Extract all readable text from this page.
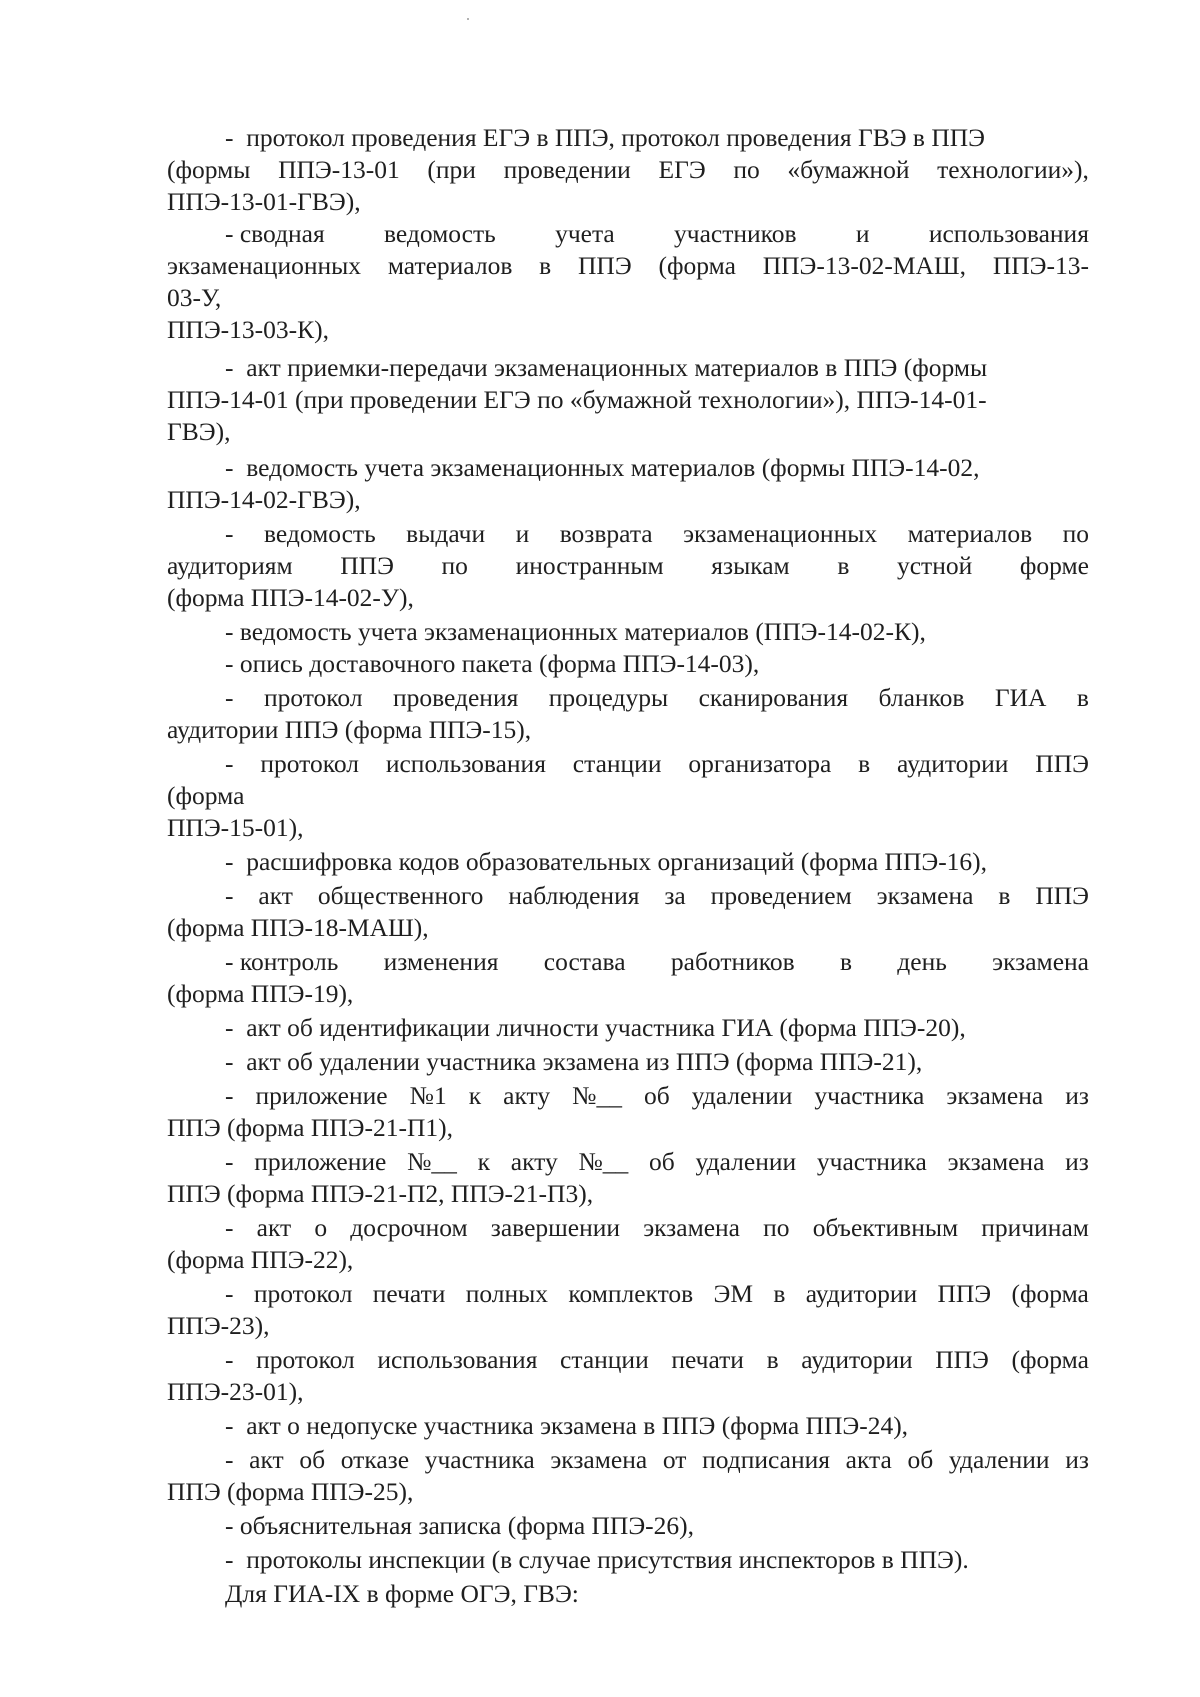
-  протокол проведения ЕГЭ в ППЭ, протокол проведения ГВЭ в ППЭ
(формы ППЭ-13-01 (при проведении ЕГЭ по «бумажной технологии»),
ППЭ-13-01-ГВЭ),
- сводная ведомость учета участников и использования
экзаменационных материалов в ППЭ (форма ППЭ-13-02-МАШ, ППЭ-13-
03-У,
ППЭ-13-03-К),
-  акт приемки-передачи экзаменационных материалов в ППЭ (формы
ППЭ-14-01 (при проведении ЕГЭ по «бумажной технологии»), ППЭ-14-01-
ГВЭ),
-  ведомость учета экзаменационных материалов (формы ППЭ-14-02,
ППЭ-14-02-ГВЭ),
- ведомость выдачи и возврата экзаменационных материалов по
аудиториям ППЭ по иностранным языкам в устной форме
(форма ППЭ-14-02-У),
- ведомость учета экзаменационных материалов (ППЭ-14-02-К),
- опись доставочного пакета (форма ППЭ-14-03),
- протокол проведения процедуры сканирования бланков ГИА в
аудитории ППЭ (форма ППЭ-15),
- протокол использования станции организатора в аудитории ППЭ
(форма
ППЭ-15-01),
-  расшифровка кодов образовательных организаций (форма ППЭ-16),
- акт общественного наблюдения за проведением экзамена в ППЭ
(форма ППЭ-18-МАШ),
- контроль изменения состава работников в день экзамена
(форма ППЭ-19),
-  акт об идентификации личности участника ГИА (форма ППЭ-20),
-  акт об удалении участника экзамена из ППЭ (форма ППЭ-21),
- приложение №1 к акту №__ об удалении участника экзамена из
ППЭ (форма ППЭ-21-П1),
- приложение №__ к акту №__ об удалении участника экзамена из
ППЭ (форма ППЭ-21-П2, ППЭ-21-П3),
- акт о досрочном завершении экзамена по объективным причинам
(форма ППЭ-22),
- протокол печати полных комплектов ЭМ в аудитории ППЭ (форма
ППЭ-23),
- протокол использования станции печати в аудитории ППЭ (форма
ППЭ-23-01),
-  акт о недопуске участника экзамена в ППЭ (форма ППЭ-24),
- акт об отказе участника экзамена от подписания акта об удалении из
ППЭ (форма ППЭ-25),
- объяснительная записка (форма ППЭ-26),
-  протоколы инспекции (в случае присутствия инспекторов в ППЭ).
Для ГИА-IX в форме ОГЭ, ГВЭ:
